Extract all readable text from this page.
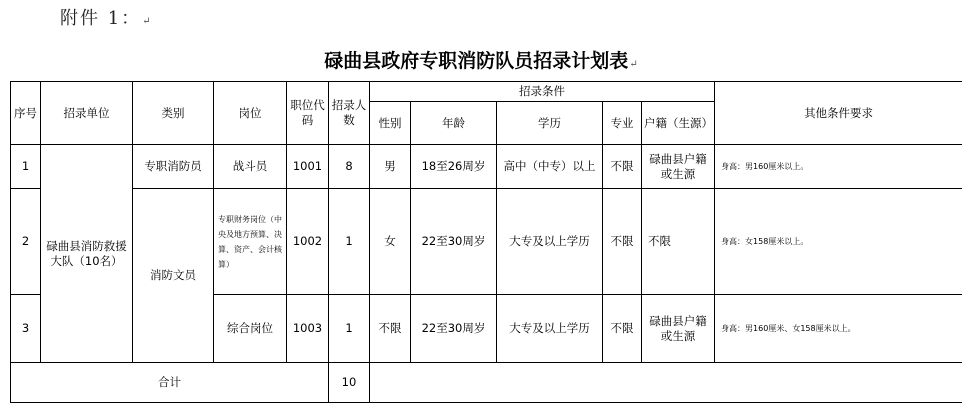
附件 1：↵
碌曲县政府专职消防队员招录计划表↵
序号	招录单位	类别	岗位	职位代码	招录人数	招录条件					其他条件要求
						性别	年龄	学历	专业	户籍（生源）	
1	碌曲县消防救援大队（10名）	专职消防员	战斗员	1001	8	男	18至26周岁	高中（中专）以上	不限	碌曲县户籍或生源	身高：男160厘米以上。
2		消防文员	专职财务岗位（中央及地方预算、决算、资产、会计核算）	1002	1	女	22至30周岁	大专及以上学历	不限	不限	身高：女158厘米以上。
3			综合岗位	1003	1	不限	22至30周岁	大专及以上学历	不限	碌曲县户籍或生源	身高：男160厘米、女158厘米以上。
合计					10						
